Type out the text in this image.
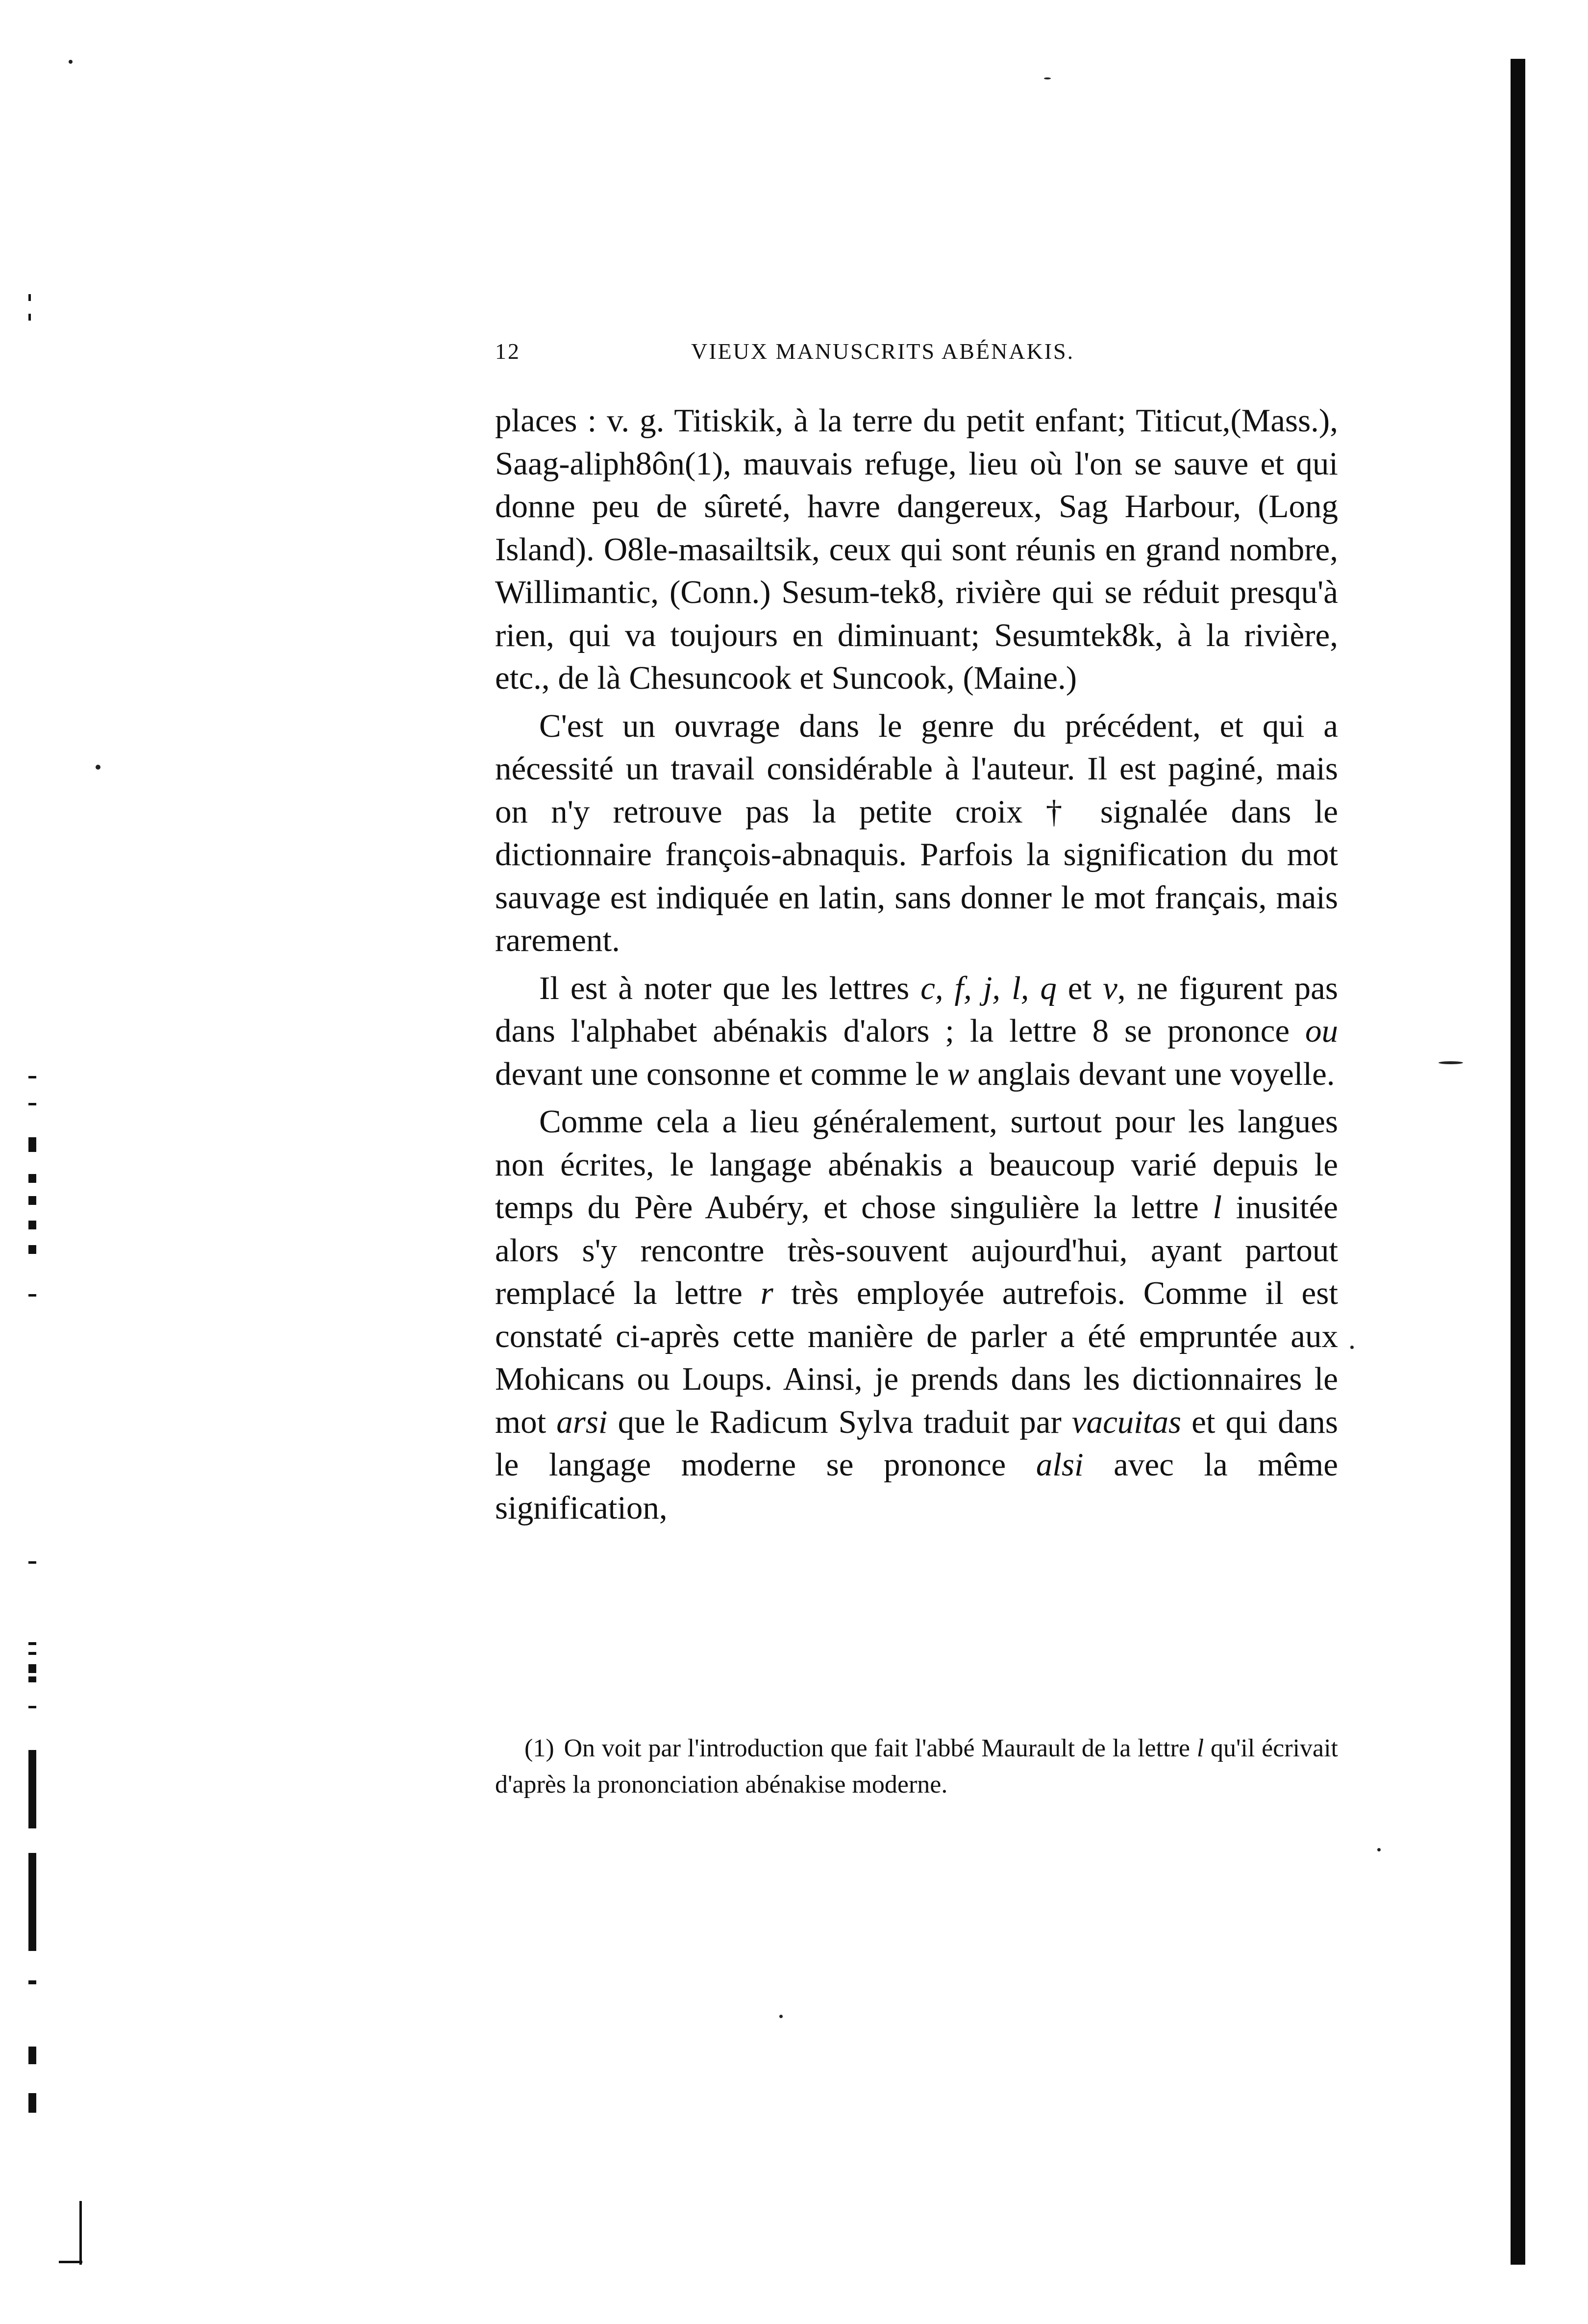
12	VIEUX MANUSCRITS ABÉNAKIS.

places : v. g. Titiskik, à la terre du petit enfant; Titicut,(Mass.), Saag-aliph8ôn(1), mauvais refuge, lieu où l'on se sauve et qui donne peu de sûreté, havre dangereux, Sag Harbour, (Long Island). O8le-masailtsik, ceux qui sont réunis en grand nombre, Willimantic, (Conn.) Sesum-tek8, rivière qui se réduit presqu'à rien, qui va toujours en diminuant; Sesumtek8k, à la rivière, etc., de là Chesuncook et Suncook, (Maine.)

C'est un ouvrage dans le genre du précédent, et qui a nécessité un travail considérable à l'auteur. Il est paginé, mais on n'y retrouve pas la petite croix † signalée dans le dictionnaire françois-abnaquis. Parfois la signification du mot sauvage est indiquée en latin, sans donner le mot français, mais rarement.

Il est à noter que les lettres c, f, j, l, q et v, ne figurent pas dans l'alphabet abénakis d'alors ; la lettre 8 se prononce ou devant une consonne et comme le w anglais devant une voyelle.

Comme cela a lieu généralement, surtout pour les langues non écrites, le langage abénakis a beaucoup varié depuis le temps du Père Aubéry, et chose singulière la lettre l inusitée alors s'y rencontre très-souvent aujourd'hui, ayant partout remplacé la lettre r très employée autrefois. Comme il est constaté ci-après cette manière de parler a été empruntée aux Mohicans ou Loups. Ainsi, je prends dans les dictionnaires le mot arsi que le Radicum Sylva traduit par vacuitas et qui dans le langage moderne se prononce alsi avec la même signification,

(1) On voit par l'introduction que fait l'abbé Maurault de la lettre l qu'il écrivait d'après la prononciation abénakise moderne.
